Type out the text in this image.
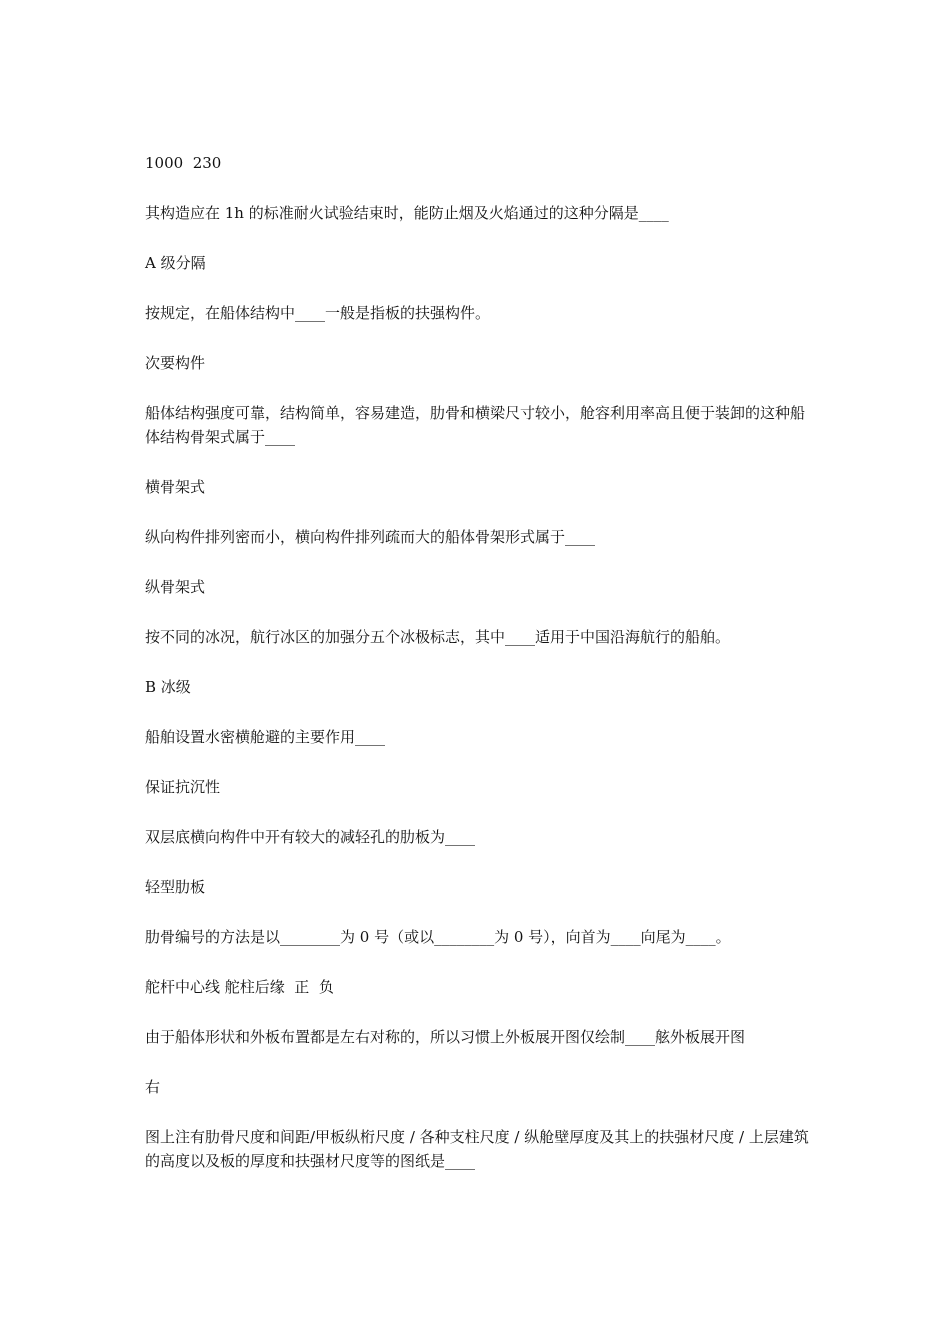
1000  230

其构造应在 1h 的标准耐火试验结束时，能防止烟及火焰通过的这种分隔是____

A 级分隔

按规定，在船体结构中____一般是指板的扶强构件。

次要构件

船体结构强度可靠，结构简单，容易建造，肋骨和横梁尺寸较小，舱容利用率高且便于装卸的这种船体结构骨架式属于____

横骨架式

纵向构件排列密而小，横向构件排列疏而大的船体骨架形式属于____

纵骨架式

按不同的冰况，航行冰区的加强分五个冰极标志，其中____适用于中国沿海航行的船舶。

B 冰级

船舶设置水密横舱避的主要作用____

保证抗沉性

双层底横向构件中开有较大的减轻孔的肋板为____

轻型肋板

肋骨编号的方法是以________为 0 号（或以________为 0 号），向首为____向尾为____。

舵杆中心线 舵柱后缘  正  负

由于船体形状和外板布置都是左右对称的，所以习惯上外板展开图仅绘制____舷外板展开图

右

图上注有肋骨尺度和间距/甲板纵桁尺度 / 各种支柱尺度 / 纵舱壁厚度及其上的扶强材尺度 / 上层建筑的高度以及板的厚度和扶强材尺度等的图纸是____
